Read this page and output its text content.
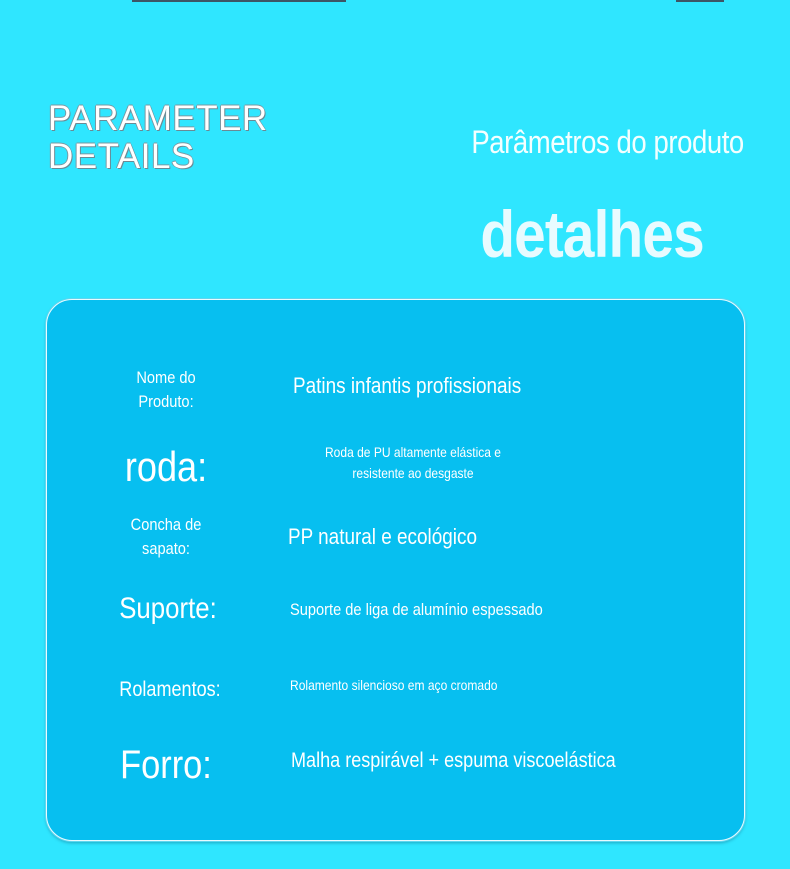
PARAMETER
DETAILS	Parâmetros do produto
detalhes
Nome do
Produto:
Patins infantis profissionais
roda:	Roda de PU altamente elástica e
resistente ao desgaste
Concha de
sapato:	PP natural e ecológico
Suporte:	Suporte de liga de alumínio espessado
Rolamentos:	Rolamento silencioso em aço cromado
Forro:	Malha respirável + espuma viscoelástica
